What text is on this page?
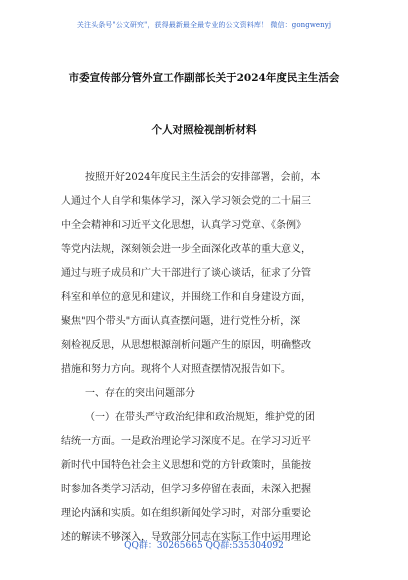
关注头条号"公文研究"，获得最新最全最专业的公文资料库！ 微信：gongwenyj
市委宣传部分管外宣工作副部长关于2024年度民主生活会
个人对照检视剖析材料
按照开好2024年度民主生活会的安排部署，会前，本
人通过个人自学和集体学习，深入学习领会党的二十届三
中全会精神和习近平文化思想，认真学习党章、《条例》
等党内法规，深刻领会进一步全面深化改革的重大意义，
通过与班子成员和广大干部进行了谈心谈话，征求了分管
科室和单位的意见和建议，并围绕工作和自身建设方面，
聚焦"四个带头"方面认真查摆问题，进行党性分析，深
刻检视反思，从思想根源剖析问题产生的原因，明确整改
措施和努力方向。现将个人对照查摆情况报告如下。
一、存在的突出问题部分
（一）在带头严守政治纪律和政治规矩，维护党的团
结统一方面。一是政治理论学习深度不足。在学习习近平
新时代中国特色社会主义思想和党的方针政策时，虽能按
时参加各类学习活动，但学习多停留在表面，未深入把握
理论内涵和实质。如在组织新闻处学习时，对部分重要论
述的解读不够深入，导致部分同志在实际工作中运用理论
QQ群：30265665 QQ群:535304092
